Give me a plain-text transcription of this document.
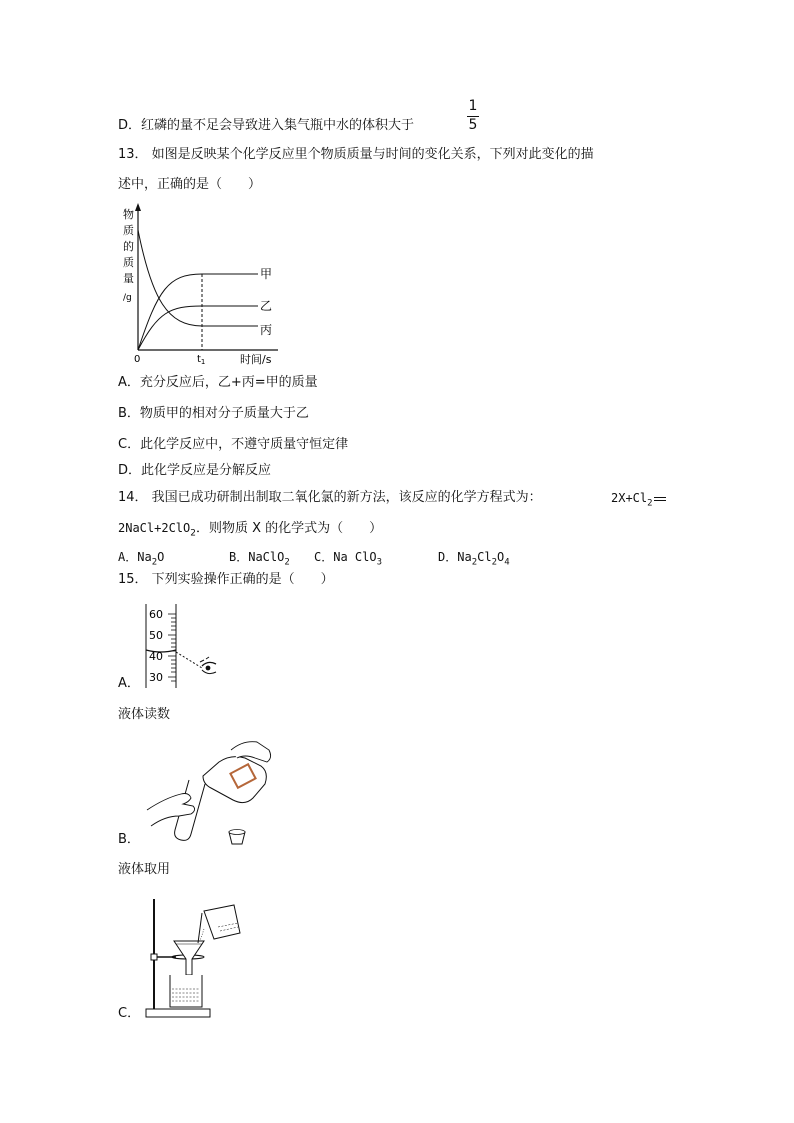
D．红磷的量不足会导致进入集气瓶中水的体积大于
1
5
13． 如图是反映某个化学反应里个物质质量与时间的变化关系，下列对此变化的描
述中，正确的是（　　）
物
质
的
质
量
/g
甲
乙
丙
0	$t_1$	时间/s
A．充分反应后，乙+丙=甲的质量
B．物质甲的相对分子质量大于乙
C．此化学反应中，不遵守质量守恒定律
D．此化学反应是分解反应
14． 我国已成功研制出制取二氧化氯的新方法，该反应的化学方程式为：	$2X+Cl_2$
2NaCl+2ClO$_2$．则物质 X 的化学式为（　　）
A．$Na_2O$	B．NaClO$_2$ C．Na ClO$_3$	D．$Na_2Cl_2O_4$
15． 下列实验操作正确的是（　　）
60
50
40
30
A．
液体读数
B．
液体取用
C．
